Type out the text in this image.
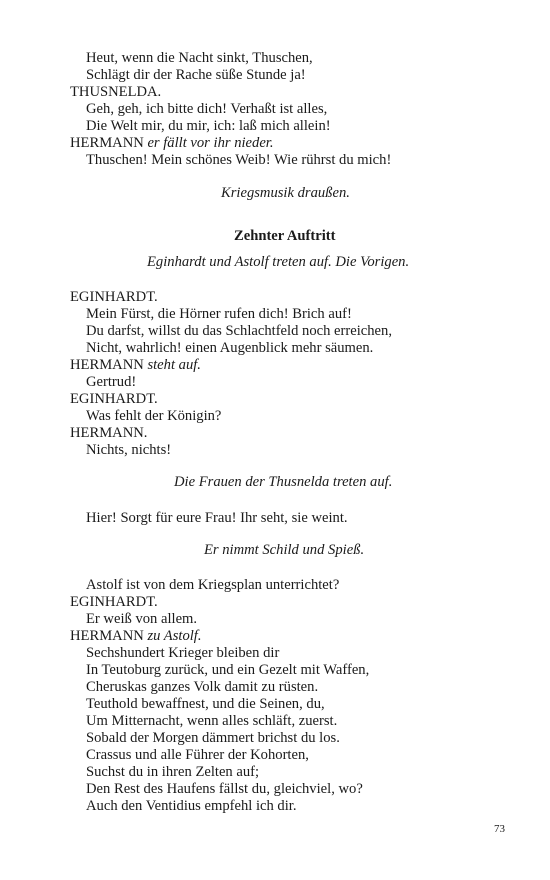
Heut, wenn die Nacht sinkt, Thuschen,
Schlägt dir der Rache süße Stunde ja!
THUSNELDA.
Geh, geh, ich bitte dich! Verhaßt ist alles,
Die Welt mir, du mir, ich: laß mich allein!
HERMANN er fällt vor ihr nieder.
Thuschen! Mein schönes Weib! Wie rührst du mich!
Kriegsmusik draußen.
Zehnter Auftritt
Eginhardt und Astolf treten auf. Die Vorigen.
EGINHARDT.
Mein Fürst, die Hörner rufen dich! Brich auf!
Du darfst, willst du das Schlachtfeld noch erreichen,
Nicht, wahrlich! einen Augenblick mehr säumen.
HERMANN steht auf.
Gertrud!
EGINHARDT.
Was fehlt der Königin?
HERMANN.
Nichts, nichts!
Die Frauen der Thusnelda treten auf.
Hier! Sorgt für eure Frau! Ihr seht, sie weint.
Er nimmt Schild und Spieß.
Astolf ist von dem Kriegsplan unterrichtet?
EGINHARDT.
Er weiß von allem.
HERMANN zu Astolf.
Sechshundert Krieger bleiben dir
In Teutoburg zurück, und ein Gezelt mit Waffen,
Cheruskas ganzes Volk damit zu rüsten.
Teuthold bewaffnest, und die Seinen, du,
Um Mitternacht, wenn alles schläft, zuerst.
Sobald der Morgen dämmert brichst du los.
Crassus und alle Führer der Kohorten,
Suchst du in ihren Zelten auf;
Den Rest des Haufens fällst du, gleichviel, wo?
Auch den Ventidius empfehl ich dir.
73
